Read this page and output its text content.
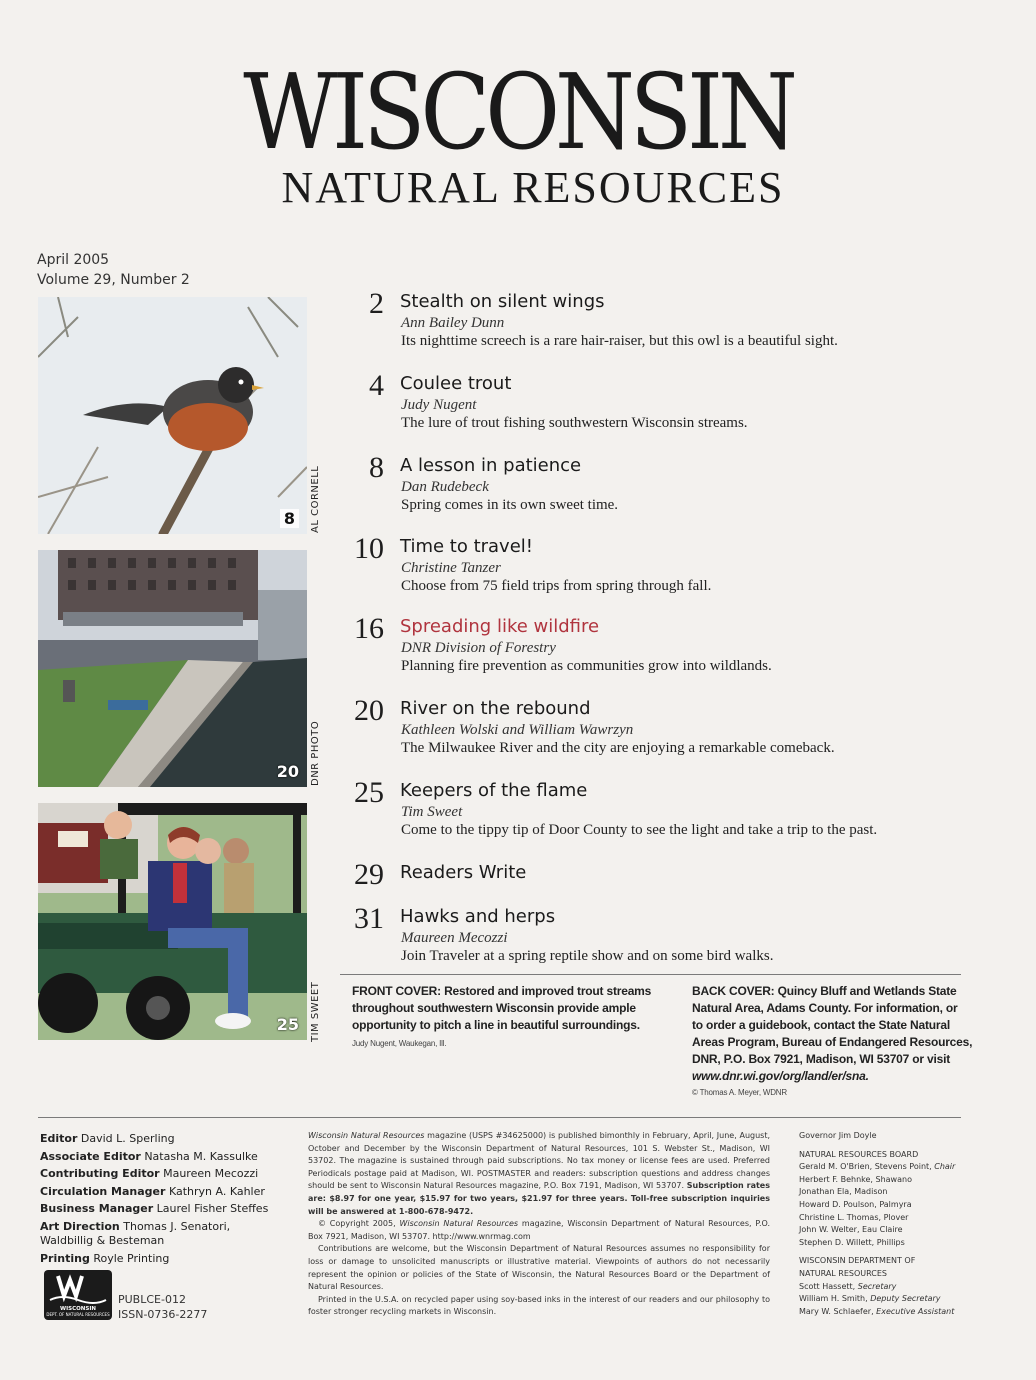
WISCONSIN
NATURAL RESOURCES
April 2005
Volume 29, Number 2
8	AL CORNELL
20 DNR PHOTO
25 TIM SWEET
2 Stealth on silent wings
Ann Bailey Dunn
Its nighttime screech is a rare hair-raiser, but this owl is a beautiful sight.
4 Coulee trout
Judy Nugent
The lure of trout fishing southwestern Wisconsin streams.
8 A lesson in patience
Dan Rudebeck
Spring comes in its own sweet time.
10 Time to travel!
Christine Tanzer
Choose from 75 field trips from spring through fall.
16 Spreading like wildfire
DNR Division of Forestry
Planning fire prevention as communities grow into wildlands.
20 River on the rebound
Kathleen Wolski and William Wawrzyn
The Milwaukee River and the city are enjoying a remarkable comeback.
25 Keepers of the flame
Tim Sweet
Come to the tippy tip of Door County to see the light and take a trip to the past.
29 Readers Write
31 Hawks and herps
Maureen Mecozzi
Join Traveler at a spring reptile show and on some bird walks.
FRONT COVER: Restored and improved trout streams
throughout southwestern Wisconsin provide ample
opportunity to pitch a line in beautiful surroundings.
Judy Nugent, Waukegan, Ill.
BACK COVER: Quincy Bluff and Wetlands State
Natural Area, Adams County. For information, or
to order a guidebook, contact the State Natural
Areas Program, Bureau of Endangered Resources,
DNR, P.O. Box 7921, Madison, WI 53707 or visit
www.dnr.wi.gov/org/land/er/sna.
© Thomas A. Meyer, WDNR
Editor David L. Sperling
Associate Editor Natasha M. Kassulke
Contributing Editor Maureen Mecozzi
Circulation Manager Kathryn A. Kahler
Business Manager Laurel Fisher Steffes
Art Direction Thomas J. Senatori, Waldbillig & Besteman
Printing Royle Printing
WISCONSIN
DEPT. OF NATURAL RESOURCES
PUBLCE-012
ISSN-0736-2277

Wisconsin Natural Resources magazine (USPS #34625000) is published bimonthly in February, April, June, August, October and December by the Wisconsin Department of Natural Resources, 101 S. Webster St., Madison, WI 53702. The magazine is sustained through paid subscriptions. No tax money or license fees are used. Preferred Periodicals postage paid at Madison, WI. POSTMASTER and readers: subscription questions and address changes should be sent to Wisconsin Natural Resources magazine, P.O. Box 7191, Madison, WI 53707. Subscription rates are: $8.97 for one year, $15.97 for two years, $21.97 for three years. Toll-free subscription inquiries will be answered at 1-800-678-9472.

© Copyright 2005, Wisconsin Natural Resources magazine, Wisconsin Department of Natural Resources, P.O. Box 7921, Madison, WI 53707. http://www.wnrmag.com

Contributions are welcome, but the Wisconsin Department of Natural Resources assumes no responsibility for loss or damage to unsolicited manuscripts or illustrative material. Viewpoints of authors do not necessarily represent the opinion or policies of the State of Wisconsin, the Natural Resources Board or the Department of Natural Resources.

Printed in the U.S.A. on recycled paper using soy-based inks in the interest of our readers and our philosophy to foster stronger recycling markets in Wisconsin.

Governor Jim Doyle

NATURAL RESOURCES BOARD

Gerald M. O'Brien, Stevens Point, Chair

Herbert F. Behnke, Shawano

Jonathan Ela, Madison

Howard D. Poulson, Palmyra

Christine L. Thomas, Plover

John W. Welter, Eau Claire

Stephen D. Willett, Phillips

WISCONSIN DEPARTMENT OF

NATURAL RESOURCES

Scott Hassett, Secretary

William H. Smith, Deputy Secretary

Mary W. Schlaefer, Executive Assistant
